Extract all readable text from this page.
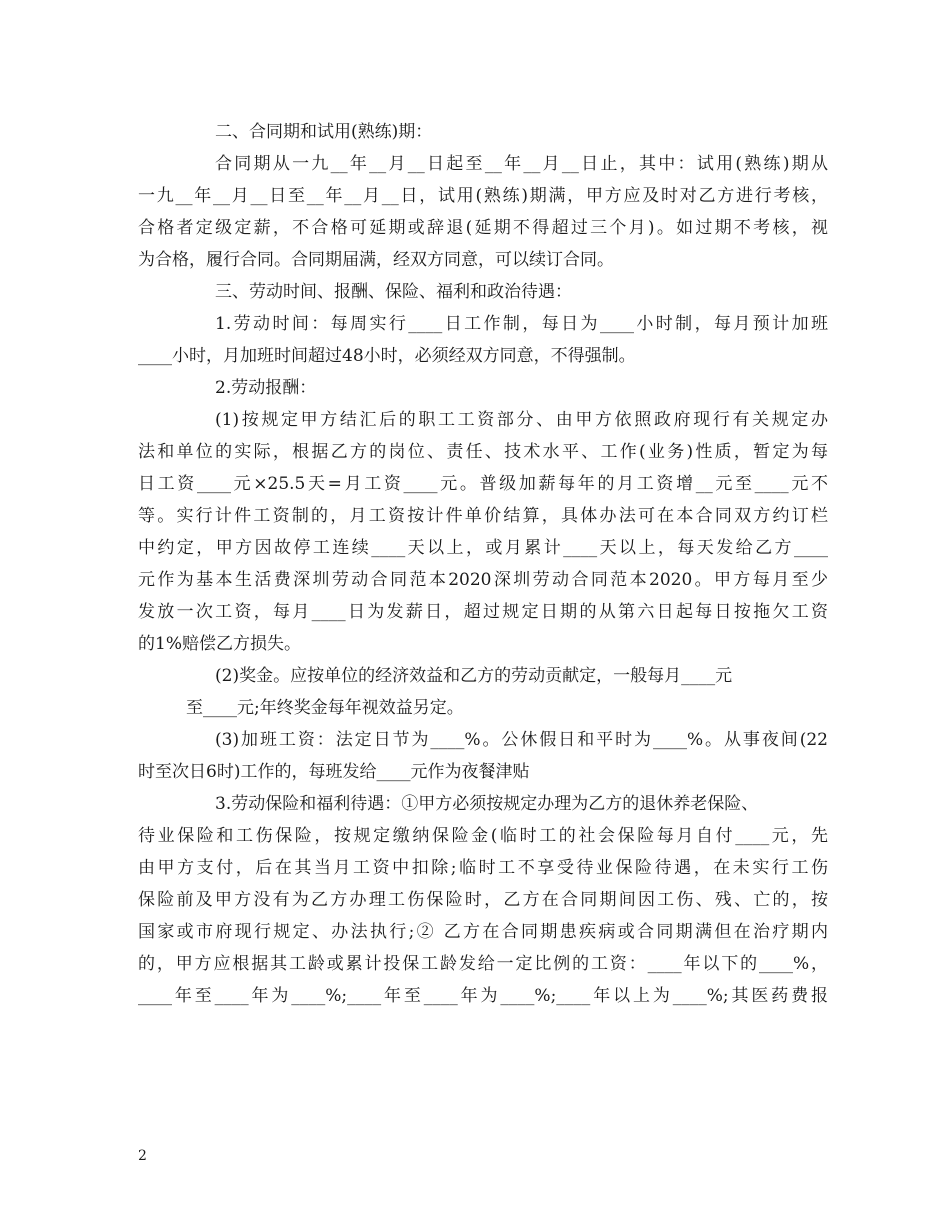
二、合同期和试用(熟练)期：
合同期从一九__年__月__日起至__年__月__日止，其中：试用(熟练)期从
一九__年__月__日至__年__月__日，试用(熟练)期满，甲方应及时对乙方进行考核，
合格者定级定薪，不合格可延期或辞退(延期不得超过三个月)。如过期不考核，视
为合格，履行合同。合同期届满，经双方同意，可以续订合同。
三、劳动时间、报酬、保险、福利和政治待遇：
1.劳动时间：每周实行____日工作制，每日为____小时制，每月预计加班
____小时，月加班时间超过48小时，必须经双方同意，不得强制。
2.劳动报酬：
(1)按规定甲方结汇后的职工工资部分、由甲方依照政府现行有关规定办
法和单位的实际，根据乙方的岗位、责任、技术水平、工作(业务)性质，暂定为每
日工资____元×25.5天=月工资____元。普级加薪每年的月工资增__元至____元不
等。实行计件工资制的，月工资按计件单价结算，具体办法可在本合同双方约订栏
中约定，甲方因故停工连续____天以上，或月累计____天以上，每天发给乙方____
元作为基本生活费深圳劳动合同范本2020深圳劳动合同范本2020。甲方每月至少
发放一次工资，每月____日为发薪日，超过规定日期的从第六日起每日按拖欠工资
的1%赔偿乙方损失。
(2)奖金。应按单位的经济效益和乙方的劳动贡献定，一般每月____元
至____元;年终奖金每年视效益另定。
(3)加班工资：法定日节为____%。公休假日和平时为____%。从事夜间(22
时至次日6时)工作的，每班发给____元作为夜餐津贴
3.劳动保险和福利待遇：①甲方必须按规定办理为乙方的退休养老保险、
待业保险和工伤保险，按规定缴纳保险金(临时工的社会保险每月自付____元，先
由甲方支付，后在其当月工资中扣除;临时工不享受待业保险待遇，在未实行工伤
保险前及甲方没有为乙方办理工伤保险时，乙方在合同期间因工伤、残、亡的，按
国家或市府现行规定、办法执行;② 乙方在合同期患疾病或合同期满但在治疗期内
的，甲方应根据其工龄或累计投保工龄发给一定比例的工资：____年以下的____%，
____年至____年为____%;____年至____年为____%;____年以上为____%;其医药费报
2
